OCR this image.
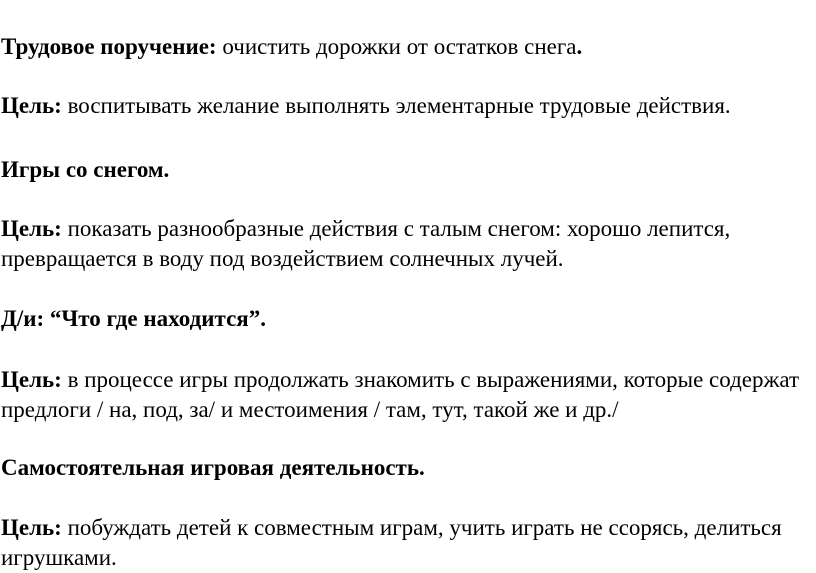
Трудовое поручение: очистить дорожки от остатков снега.

Цель: воспитывать желание выполнять элементарные трудовые действия.

Игры со снегом.

Цель: показать разнообразные действия с талым снегом: хорошо лепится, превращается в воду под воздействием солнечных лучей.

Д/и: “Что где находится”.

Цель: в процессе игры продолжать знакомить с выражениями, которые содержат предлоги / на, под, за/ и местоимения / там, тут, такой же и др./

Самостоятельная игровая деятельность.

Цель: побуждать детей к совместным играм, учить играть не ссорясь, делиться игрушками.
